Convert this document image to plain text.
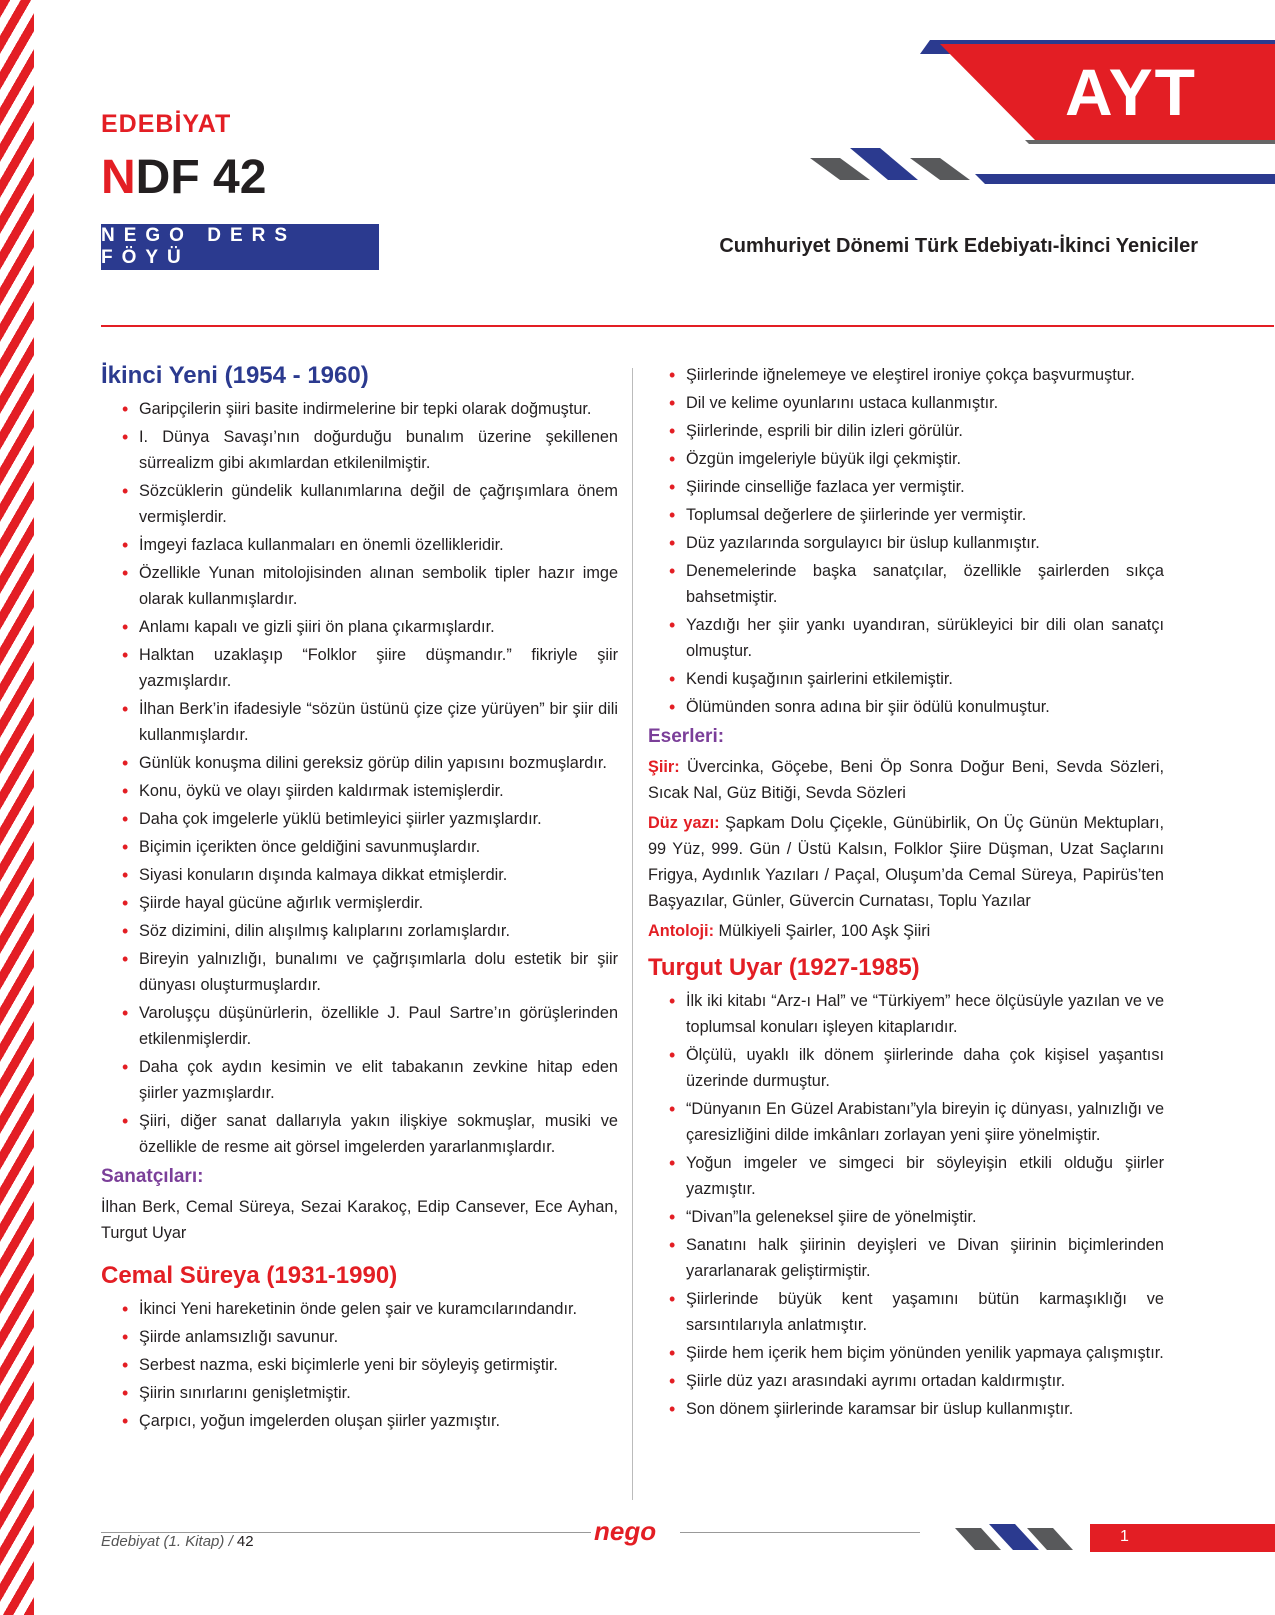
AYT
EDEBİYAT
NDF 42
NEGO DERS FÖYÜ
Cumhuriyet Dönemi Türk Edebiyatı-İkinci Yeniciler
İkinci Yeni (1954 - 1960)
• Garipçilerin şiiri basite indirmelerine bir tepki olarak doğmuştur.
• I. Dünya Savaşı’nın doğurduğu bunalım üzerine şekillenen sürrealizm gibi akımlardan etkilenilmiştir.
• Sözcüklerin gündelik kullanımlarına değil de çağrışımlara önem vermişlerdir.
• İmgeyi fazlaca kullanmaları en önemli özellikleridir.
• Özellikle Yunan mitolojisinden alınan sembolik tipler hazır imge olarak kullanmışlardır.
• Anlamı kapalı ve gizli şiiri ön plana çıkarmışlardır.
• Halktan uzaklaşıp “Folklor şiire düşmandır.” fikriyle şiir yazmışlardır.
• İlhan Berk’in ifadesiyle “sözün üstünü çize çize yürüyen” bir şiir dili kullanmışlardır.
• Günlük konuşma dilini gereksiz görüp dilin yapısını bozmuşlardır.
• Konu, öykü ve olayı şiirden kaldırmak istemişlerdir.
• Daha çok imgelerle yüklü betimleyici şiirler yazmışlardır.
• Biçimin içerikten önce geldiğini savunmuşlardır.
• Siyasi konuların dışında kalmaya dikkat etmişlerdir.
• Şiirde hayal gücüne ağırlık vermişlerdir.
• Söz dizimini, dilin alışılmış kalıplarını zorlamışlardır.
• Bireyin yalnızlığı, bunalımı ve çağrışımlarla dolu estetik bir şiir dünyası oluşturmuşlardır.
• Varoluşçu düşünürlerin, özellikle J. Paul Sartre’ın görüşlerinden etkilenmişlerdir.
• Daha çok aydın kesimin ve elit tabakanın zevkine hitap eden şiirler yazmışlardır.
• Şiiri, diğer sanat dallarıyla yakın ilişkiye sokmuşlar, musiki ve özellikle de resme ait görsel imgelerden yararlanmışlardır.
Sanatçıları:

İlhan Berk, Cemal Süreya, Sezai Karakoç, Edip Cansever, Ece Ayhan, Turgut Uyar

Cemal Süreya (1931-1990)
• İkinci Yeni hareketinin önde gelen şair ve kuramcılarındandır.
• Şiirde anlamsızlığı savunur.
• Serbest nazma, eski biçimlerle yeni bir söyleyiş getirmiştir.
• Şiirin sınırlarını genişletmiştir.
• Çarpıcı, yoğun imgelerden oluşan şiirler yazmıştır.
• Şiirlerinde iğnelemeye ve eleştirel ironiye çokça başvurmuştur.
• Dil ve kelime oyunlarını ustaca kullanmıştır.
• Şiirlerinde, esprili bir dilin izleri görülür.
• Özgün imgeleriyle büyük ilgi çekmiştir.
• Şiirinde cinselliğe fazlaca yer vermiştir.
• Toplumsal değerlere de şiirlerinde yer vermiştir.
• Düz yazılarında sorgulayıcı bir üslup kullanmıştır.
• Denemelerinde başka sanatçılar, özellikle şairlerden sıkça bahsetmiştir.
• Yazdığı her şiir yankı uyandıran, sürükleyici bir dili olan sanatçı olmuştur.
• Kendi kuşağının şairlerini etkilemiştir.
• Ölümünden sonra adına bir şiir ödülü konulmuştur.
Eserleri:

Şiir: Üvercinka, Göçebe, Beni Öp Sonra Doğur Beni, Sevda Sözleri, Sıcak Nal, Güz Bitiği, Sevda Sözleri

Düz yazı: Şapkam Dolu Çiçekle, Günübirlik, On Üç Günün Mektupları, 99 Yüz, 999. Gün / Üstü Kalsın, Folklor Şiire Düşman, Uzat Saçlarını Frigya, Aydınlık Yazıları / Paçal, Oluşum’da Cemal Süreya, Papirüs’ten Başyazılar, Günler, Güvercin Curnatası, Toplu Yazılar

Antoloji: Mülkiyeli Şairler, 100 Aşk Şiiri

Turgut Uyar (1927-1985)
• İlk iki kitabı “Arz-ı Hal” ve “Türkiyem” hece ölçüsüyle yazılan ve ve toplumsal konuları işleyen kitaplarıdır.
• Ölçülü, uyaklı ilk dönem şiirlerinde daha çok kişisel yaşantısı üzerinde durmuştur.
• “Dünyanın En Güzel Arabistanı”yla bireyin iç dünyası, yalnızlığı ve çaresizliğini dilde imkânları zorlayan yeni şiire yönelmiştir.
• Yoğun imgeler ve simgeci bir söyleyişin etkili olduğu şiirler yazmıştır.
• “Divan”la geleneksel şiire de yönelmiştir.
• Sanatını halk şiirinin deyişleri ve Divan şiirinin biçimlerinden yararlanarak geliştirmiştir.
• Şiirlerinde büyük kent yaşamını bütün karmaşıklığı ve sarsıntılarıyla anlatmıştır.
• Şiirde hem içerik hem biçim yönünden yenilik yapmaya çalışmıştır.
• Şiirle düz yazı arasındaki ayrımı ortadan kaldırmıştır.
• Son dönem şiirlerinde karamsar bir üslup kullanmıştır.
Edebiyat (1. Kitap) / 42	nego	1
